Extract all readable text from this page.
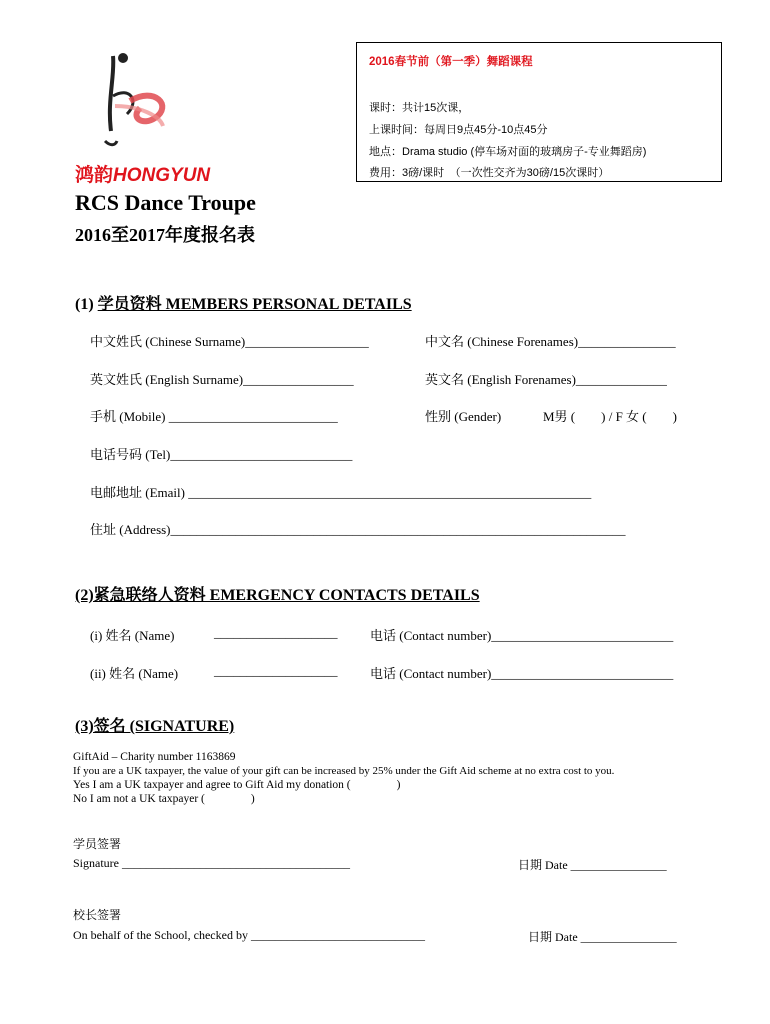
鸿韵HONGYUN
RCS Dance Troupe
2016至2017年度报名表
2016春节前（第一季）舞蹈课程
课时：共计15次课，
上课时间：每周日9点45分-10点45分
地点：Drama studio (停车场对面的玻璃房子-专业舞蹈房)
费用：3磅/课时　（一次性交齐为30磅/15次课时）
(1) 学员资料 MEMBERS PERSONAL DETAILS
中文姓氏 (Chinese Surname)___________________	中文名 (Chinese Forenames)_______________
英文姓氏 (English Surname)_________________	英文名 (English Forenames)______________
手机 (Mobile) __________________________	性别 (Gender)	M男 (　　) / F 女 (　　)
电话号码 (Tel)____________________________
电邮地址 (Email) ______________________________________________________________
住址 (Address)______________________________________________________________________
(2)紧急联络人资料 EMERGENCY CONTACTS DETAILS
(i) 姓名 (Name)	___________________	电话 (Contact number)____________________________
(ii) 姓名 (Name)	___________________	电话 (Contact number)____________________________
(3)签名 (SIGNATURE)
GiftAid – Charity number 1163869
If you are a UK taxpayer, the value of your gift can be increased by 25% under the Gift Aid scheme at no extra cost to you.
Yes I am a UK taxpayer and agree to Gift Aid my donation (　　　　)
No I am not a UK taxpayer (　　　　)
学员签署
Signature ______________________________________	日期 Date ________________
校长签署
On behalf of the School, checked by _____________________________	日期 Date ________________
